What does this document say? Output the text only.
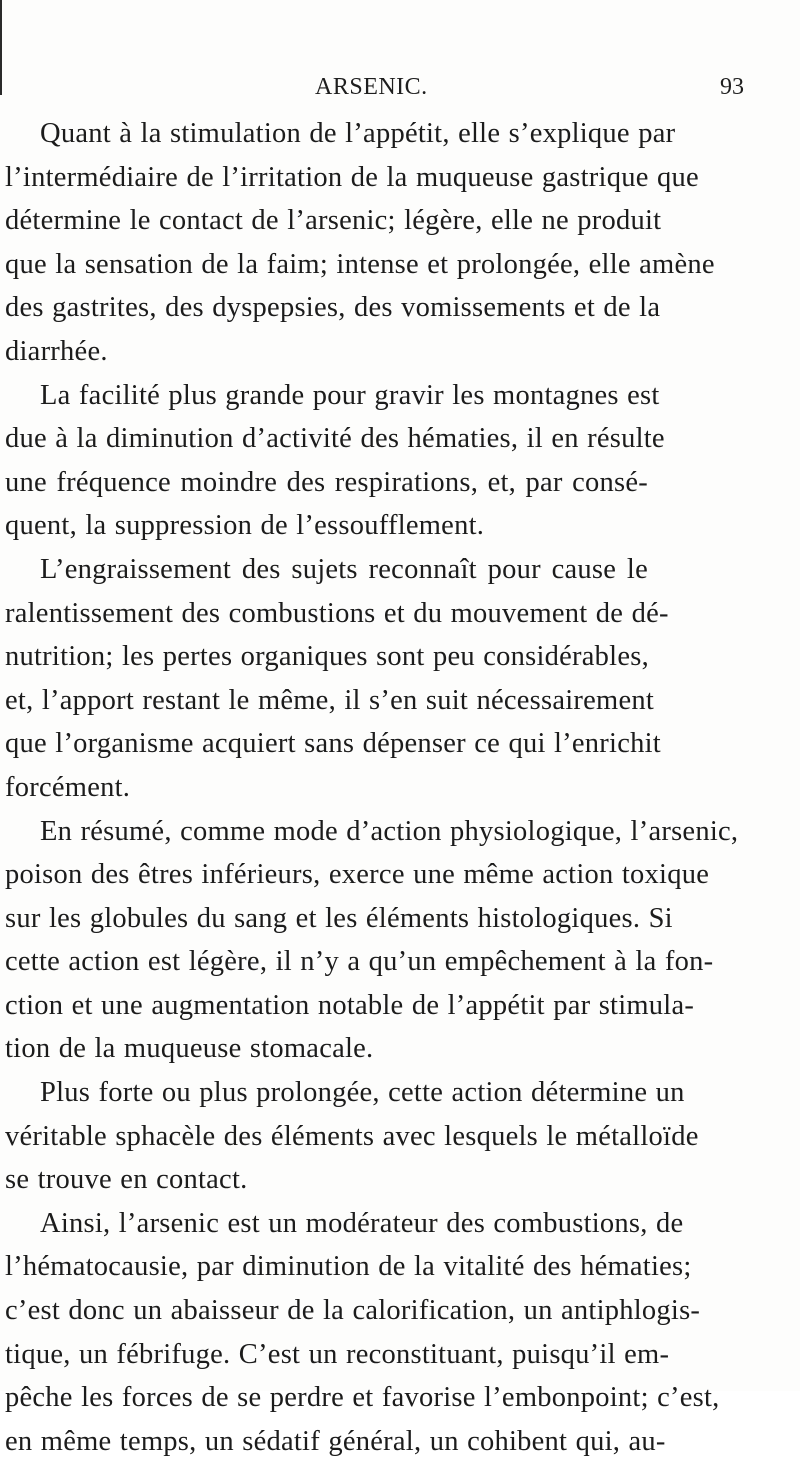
ARSENIC.	93
Quant à la stimulation de l’appétit, elle s’explique par
l’intermédiaire de l’irritation de la muqueuse gastrique que
détermine le contact de l’arsenic; légère, elle ne produit
que la sensation de la faim; intense et prolongée, elle amène
des gastrites, des dyspepsies, des vomissements et de la
diarrhée.
La facilité plus grande pour gravir les montagnes est
due à la diminution d’activité des hématies, il en résulte
une fréquence moindre des respirations, et, par consé-
quent, la suppression de l’essoufflement.
L’engraissement des sujets reconnaît pour cause le
ralentissement des combustions et du mouvement de dé-
nutrition; les pertes organiques sont peu considérables,
et, l’apport restant le même, il s’en suit nécessairement
que l’organisme acquiert sans dépenser ce qui l’enrichit
forcément.
En résumé, comme mode d’action physiologique, l’arsenic,
poison des êtres inférieurs, exerce une même action toxique
sur les globules du sang et les éléments histologiques. Si
cette action est légère, il n’y a qu’un empêchement à la fon-
ction et une augmentation notable de l’appétit par stimula-
tion de la muqueuse stomacale.
Plus forte ou plus prolongée, cette action détermine un
véritable sphacèle des éléments avec lesquels le métalloïde
se trouve en contact.
Ainsi, l’arsenic est un modérateur des combustions, de
l’hématocausie, par diminution de la vitalité des hématies;
c’est donc un abaisseur de la calorification, un antiphlogis-
tique, un fébrifuge. C’est un reconstituant, puisqu’il em-
pêche les forces de se perdre et favorise l’embonpoint; c’est,
en même temps, un sédatif général, un cohibent qui, au-
